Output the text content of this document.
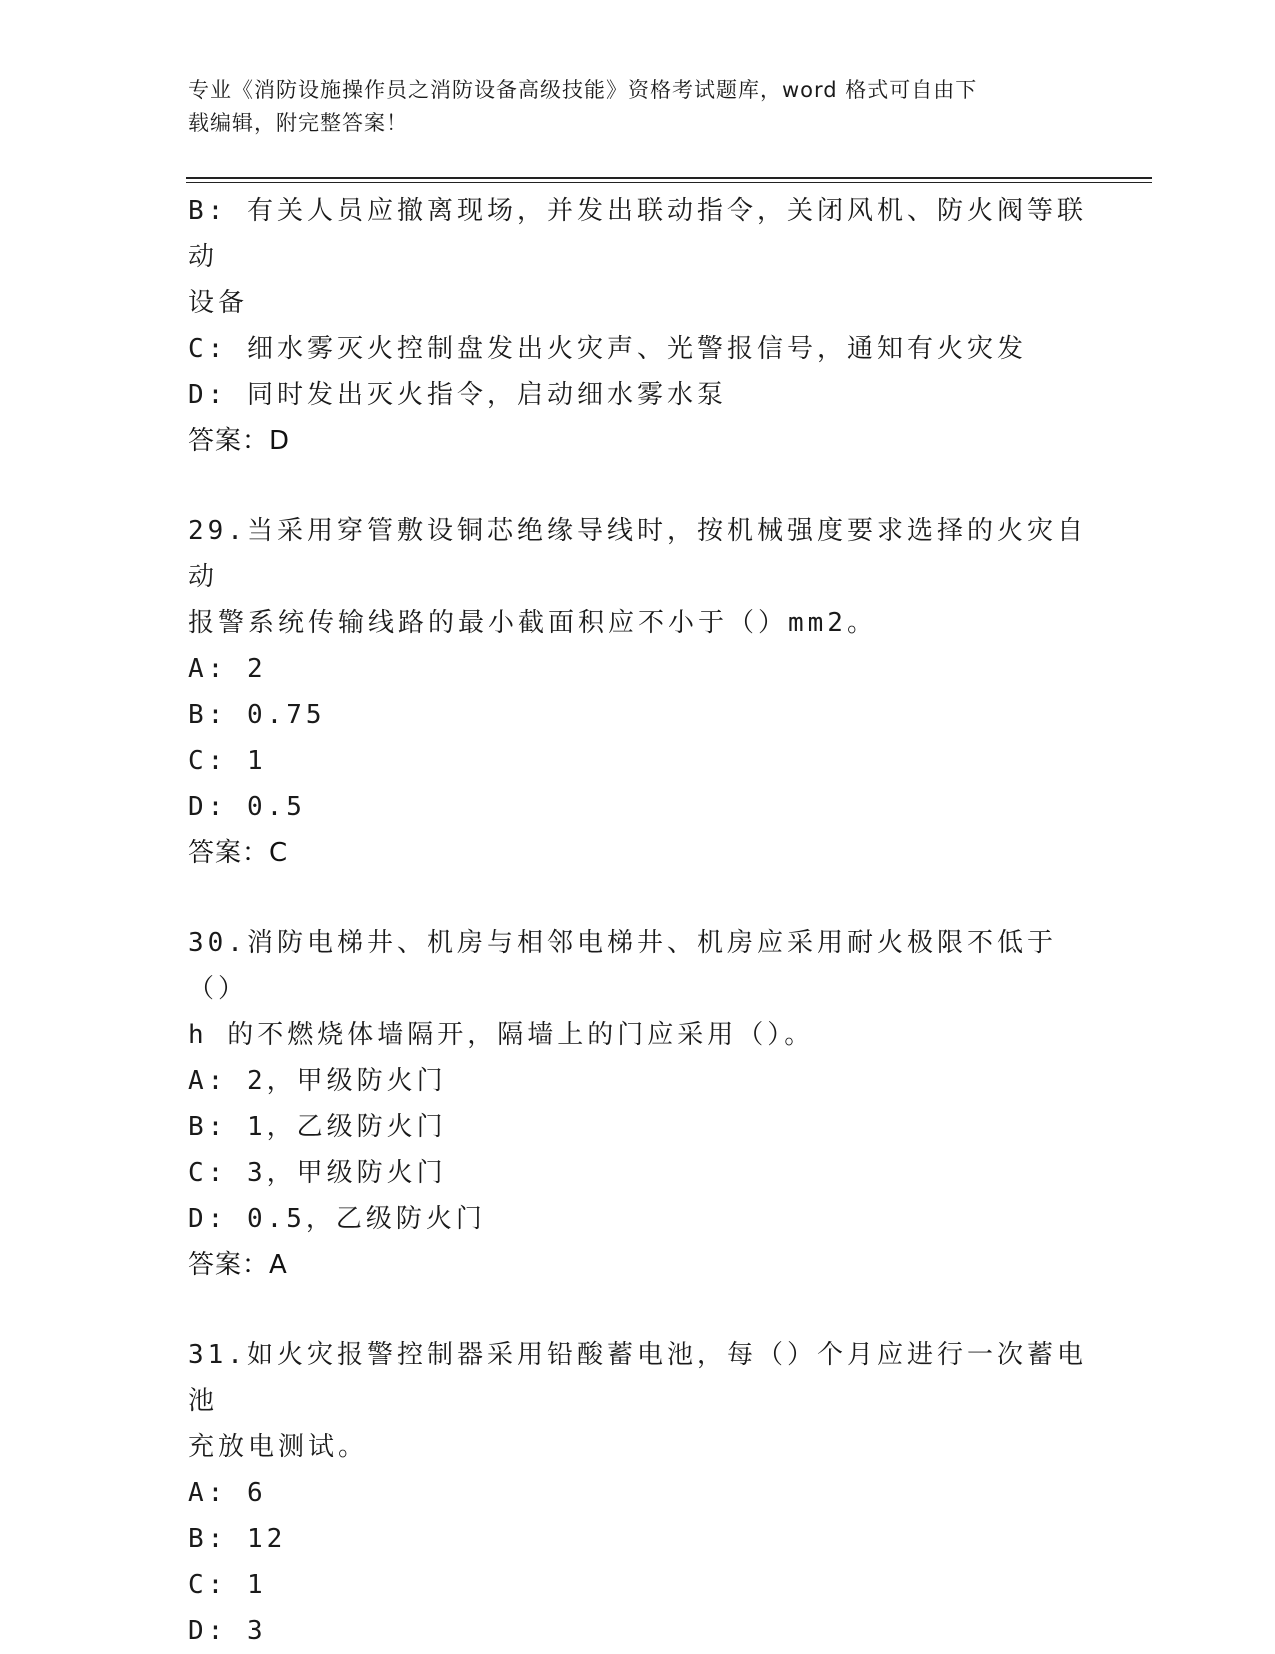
专业《消防设施操作员之消防设备高级技能》资格考试题库，word 格式可自由下
载编辑，附完整答案！
B: 有关人员应撤离现场，并发出联动指令，关闭风机、防火阀等联动
设备
C: 细水雾灭火控制盘发出火灾声、光警报信号，通知有火灾发
D: 同时发出灭火指令，启动细水雾水泵
答案：D
29.当采用穿管敷设铜芯绝缘导线时，按机械强度要求选择的火灾自动
报警系统传输线路的最小截面积应不小于（）mm2。
A: 2
B: 0.75
C: 1
D: 0.5
答案：C
30.消防电梯井、机房与相邻电梯井、机房应采用耐火极限不低于（）
h 的不燃烧体墙隔开，隔墙上的门应采用（）。
A: 2，甲级防火门
B: 1，乙级防火门
C: 3，甲级防火门
D: 0.5，乙级防火门
答案：A
31.如火灾报警控制器采用铅酸蓄电池，每（）个月应进行一次蓄电池
充放电测试。
A: 6
B: 12
C: 1
D: 3
